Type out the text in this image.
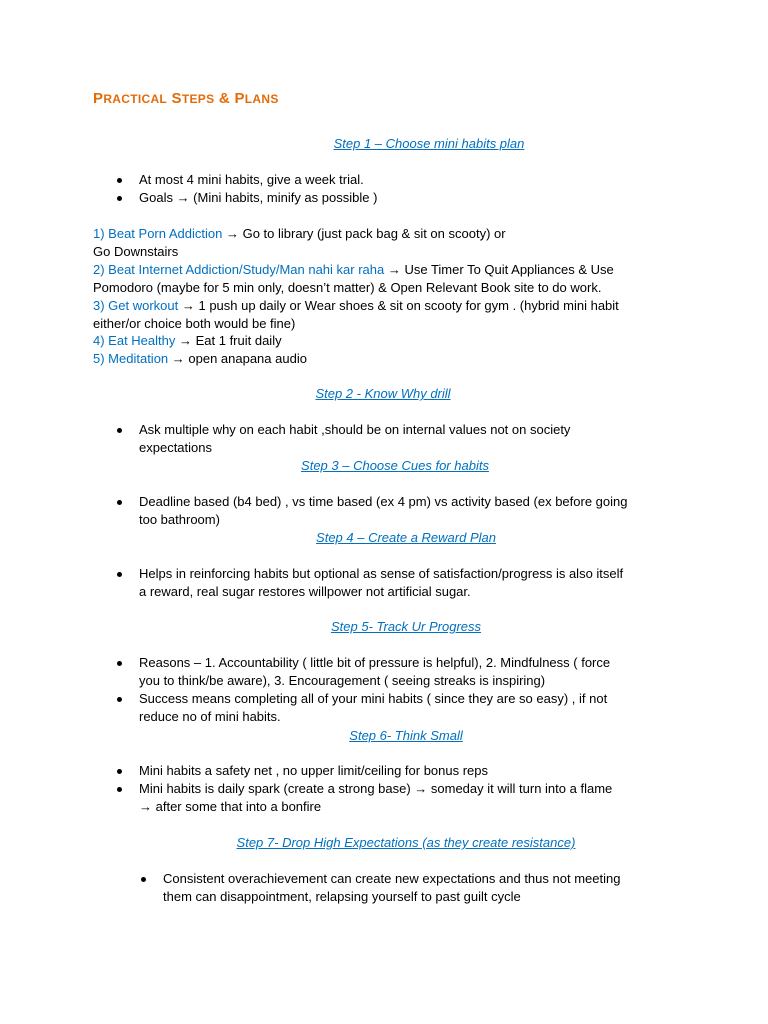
PRACTICAL STEPS & PLANS
Step 1 – Choose mini habits plan
At most 4 mini habits, give a week trial.
Goals → (Mini habits, minify as possible )
1) Beat Porn Addiction → Go to library (just pack bag & sit on scooty) or
Go Downstairs
2) Beat Internet Addiction/Study/Man nahi kar raha → Use Timer To Quit Appliances & Use
Pomodoro (maybe for 5 min only, doesn’t matter) & Open Relevant Book site to do work.
3) Get workout → 1 push up daily or Wear shoes & sit on scooty for gym . (hybrid mini habit
either/or choice both would be fine)
4) Eat Healthy → Eat 1 fruit daily
5) Meditation → open anapana audio
Step 2 - Know Why drill
Ask multiple why on each habit ,should be on internal values not on society
expectations
Step 3 – Choose Cues for habits
Deadline based (b4 bed) , vs time based (ex 4 pm) vs activity based (ex before going
too bathroom)
Step 4 – Create a Reward Plan
Helps in reinforcing habits but optional as sense of satisfaction/progress is also itself
a reward, real sugar restores willpower not artificial sugar.
Step 5- Track Ur Progress
Reasons – 1. Accountability ( little bit of pressure is helpful), 2. Mindfulness ( force
you to think/be aware), 3. Encouragement ( seeing streaks is inspiring)
Success means completing all of your mini habits ( since they are so easy) , if not
reduce no of mini habits.
Step 6- Think Small
Mini habits a safety net , no upper limit/ceiling for bonus reps
Mini habits is daily spark (create a strong base) → someday it will turn into a flame
→ after some that into a bonfire
Step 7- Drop High Expectations (as they create resistance)
Consistent overachievement can create new expectations and thus not meeting
them can disappointment, relapsing yourself to past guilt cycle
